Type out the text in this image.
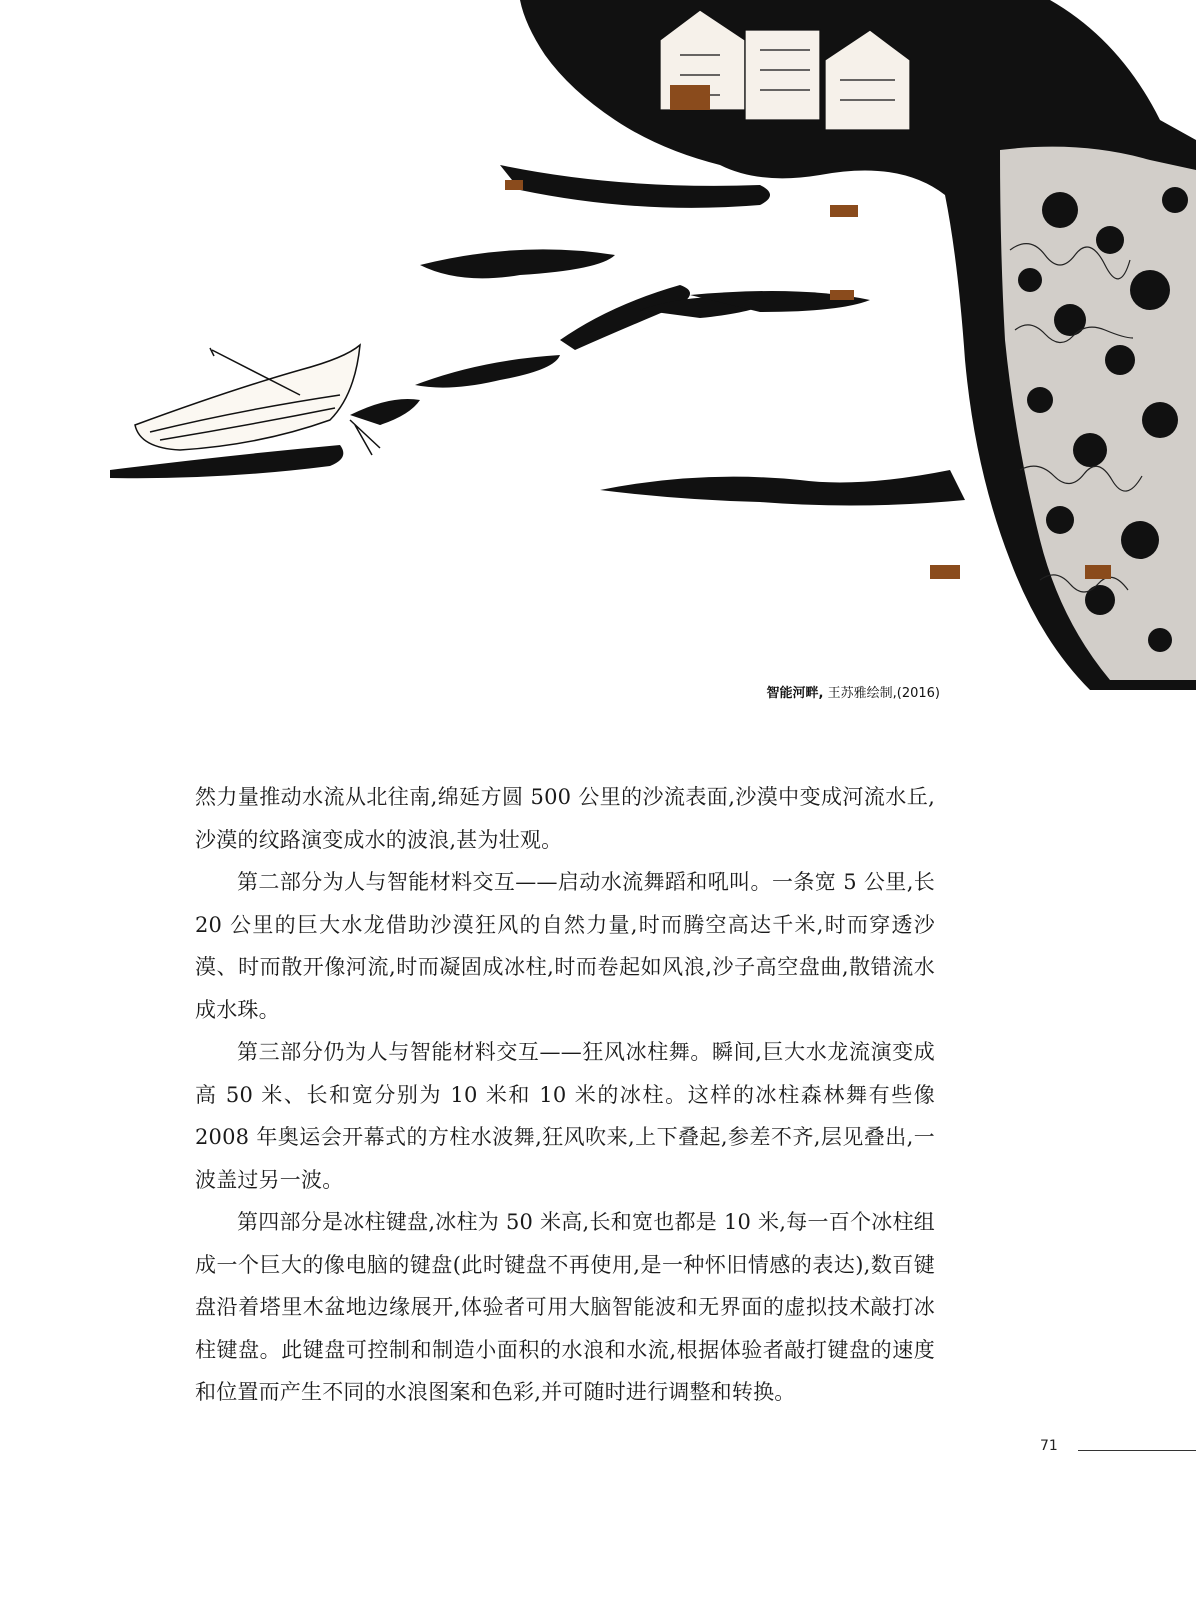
智能河畔, 王苏雅绘制,(2016)

然力量推动水流从北往南,绵延方圆 500 公里的沙流表面,沙漠中变成河流水丘,沙漠的纹路演变成水的波浪,甚为壮观。

第二部分为人与智能材料交互——启动水流舞蹈和吼叫。一条宽 5 公里,长 20 公里的巨大水龙借助沙漠狂风的自然力量,时而腾空高达千米,时而穿透沙漠、时而散开像河流,时而凝固成冰柱,时而卷起如风浪,沙子高空盘曲,散错流水成水珠。

第三部分仍为人与智能材料交互——狂风冰柱舞。瞬间,巨大水龙流演变成高 50 米、长和宽分别为 10 米和 10 米的冰柱。这样的冰柱森林舞有些像 2008 年奥运会开幕式的方柱水波舞,狂风吹来,上下叠起,参差不齐,层见叠出,一波盖过另一波。

第四部分是冰柱键盘,冰柱为 50 米高,长和宽也都是 10 米,每一百个冰柱组成一个巨大的像电脑的键盘(此时键盘不再使用,是一种怀旧情感的表达),数百键盘沿着塔里木盆地边缘展开,体验者可用大脑智能波和无界面的虚拟技术敲打冰柱键盘。此键盘可控制和制造小面积的水浪和水流,根据体验者敲打键盘的速度和位置而产生不同的水浪图案和色彩,并可随时进行调整和转换。

71
